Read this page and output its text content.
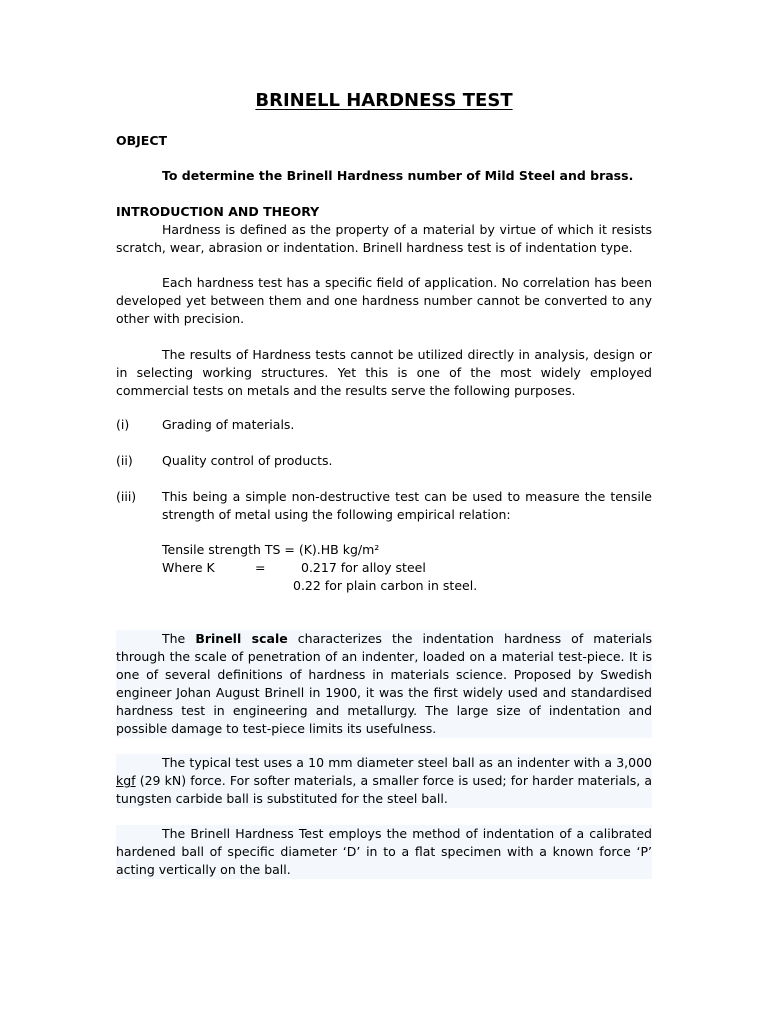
BRINELL HARDNESS TEST
OBJECT
To determine the Brinell Hardness number of Mild Steel and brass.
INTRODUCTION AND THEORY
Hardness is defined as the property of a material by virtue of which it resists scratch, wear, abrasion or indentation. Brinell hardness test is of indentation type.
Each hardness test has a specific field of application. No correlation has been developed yet between them and one hardness number cannot be converted to any other with precision.
The results of Hardness tests cannot be utilized directly in analysis, design or in selecting working structures. Yet this is one of the most widely employed commercial tests on metals and the results serve the following purposes.
(i)	Grading of materials.
(ii)	Quality control of products.
(iii)	This being a simple non-destructive test can be used to measure the tensile strength of metal using the following empirical relation:
Tensile strength TS = (K).HB kg/m²
Where K	=	0.217 for alloy steel
0.22 for plain carbon in steel.
The Brinell scale characterizes the indentation hardness of materials through the scale of penetration of an indenter, loaded on a material test-piece. It is one of several definitions of hardness in materials science. Proposed by Swedish engineer Johan August Brinell in 1900, it was the first widely used and standardised hardness test in engineering and metallurgy. The large size of indentation and possible damage to test-piece limits its usefulness.
The typical test uses a 10 mm diameter steel ball as an indenter with a 3,000 kgf (29 kN) force. For softer materials, a smaller force is used; for harder materials, a tungsten carbide ball is substituted for the steel ball.
The Brinell Hardness Test employs the method of indentation of a calibrated hardened ball of specific diameter ‘D’ in to a flat specimen with a known force ‘P’ acting vertically on the ball.
